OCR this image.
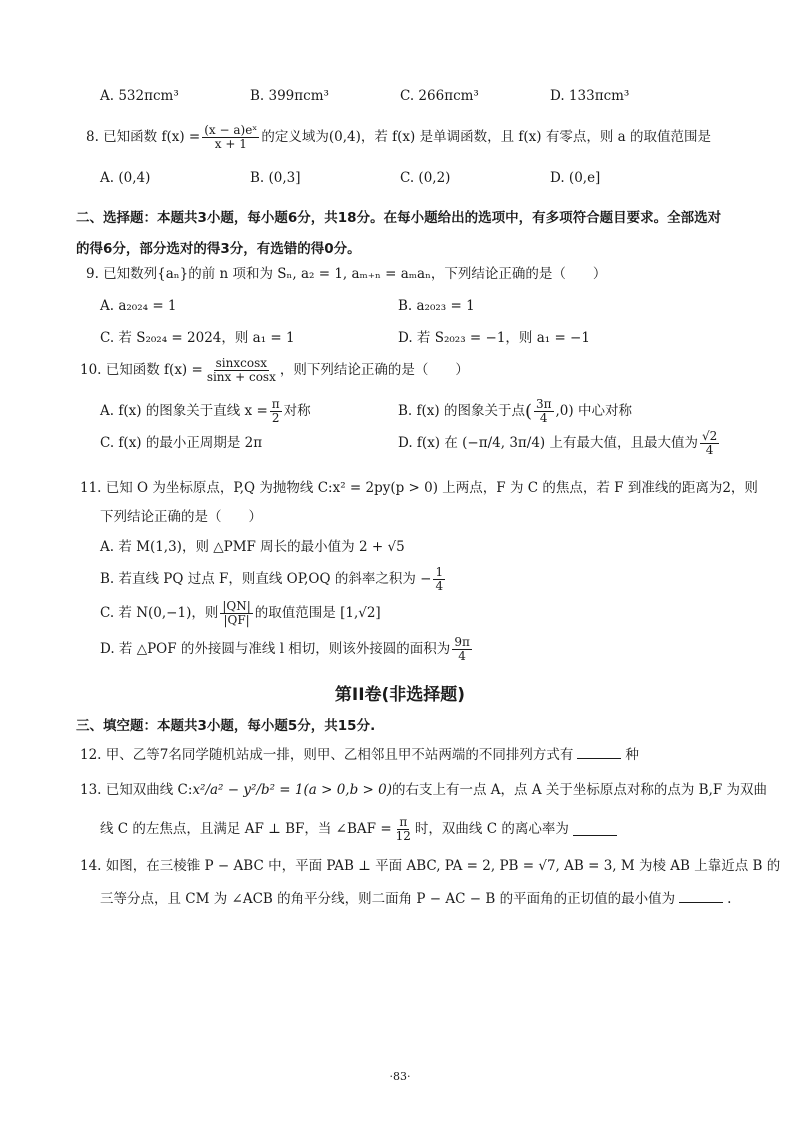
A. 532πcm³	B. 399πcm³	C. 266πcm³	D. 133πcm³
8. 已知函数 $f(x) = \frac{\text{(x − a)eˣ}}{x + 1}$ 的定义域为(0,4)，若 f(x) 是单调函数，且 f(x) 有零点，则 a 的取值范围是
A. (0,4)	B. (0,3]	C. (0,2)	D. (0,e]
二、选择题：本题共3小题，每小题6分，共18分。在每小题给出的选项中，有多项符合题目要求。全部选对
的得6分，部分选对的得3分，有选错的得0分。
9. 已知数列{aₙ}的前 n 项和为 Sₙ, a₂ = 1, aₘ₊ₙ = aₘaₙ，下列结论正确的是（　　）
A. a₂₀₂₄ = 1	B. a₂₀₂₃ = 1
C. 若 S₂₀₂₄ = 2024，则 a₁ = 1	D. 若 S₂₀₂₃ = −1，则 a₁ = −1
10. 已知函数 $f(x) = \frac{\text{sinxcosx}}{\sin x + \cos x}$ ，则下列结论正确的是（　　）
A. f(x) 的图象关于直线 $x = \frac{\pi}{2}$ 对称	B. f(x) 的图象关于点 ( $\frac{3\pi}{4} ,0$) 中心对称
C. f(x) 的最小正周期是 2π	D. f(x) 在 (−π/4, 3π/4) 上有最大值，且最大值为 $\frac{√2}{4}$
11. 已知 O 为坐标原点，P,Q 为抛物线 C:x² = 2py(p > 0) 上两点，F 为 C 的焦点，若 F 到准线的距离为2，则
下列结论正确的是（　　）
A. 若 M(1,3)，则 △PMF 周长的最小值为 2 + √5
B. 若直线 PQ 过点 F，则直线 OP,OQ 的斜率之积为 − $\frac{1}{4}$
C. 若 N(0,−1)，则 $\frac{|QN|}{|QF|}$ 的取值范围是 [1,√2]
D. 若 △POF 的外接圆与准线 l 相切，则该外接圆的面积为 $\frac{9\pi}{4}$
第II卷(非选择题)
三、填空题：本题共3小题，每小题5分，共15分.
12. 甲、乙等7名同学随机站成一排，则甲、乙相邻且甲不站两端的不同排列方式有	种
13. 已知双曲线 C:x²/a² − y²/b² = 1(a > 0,b > 0)的右支上有一点 A，点 A 关于坐标原点对称的点为 B,F 为双曲
线 C 的左焦点，且满足 AF ⊥ BF，当 ∠BAF = $\frac{\pi}{12}$ 时，双曲线 C 的离心率为
14. 如图，在三棱锥 P − ABC 中，平面 PAB ⊥ 平面 ABC, PA = 2, PB = √7, AB = 3, M 为棱 AB 上靠近点 B 的
三等分点，且 CM 为 ∠ACB 的角平分线，则二面角 P − AC − B 的平面角的正切值的最小值为	.
·83·
